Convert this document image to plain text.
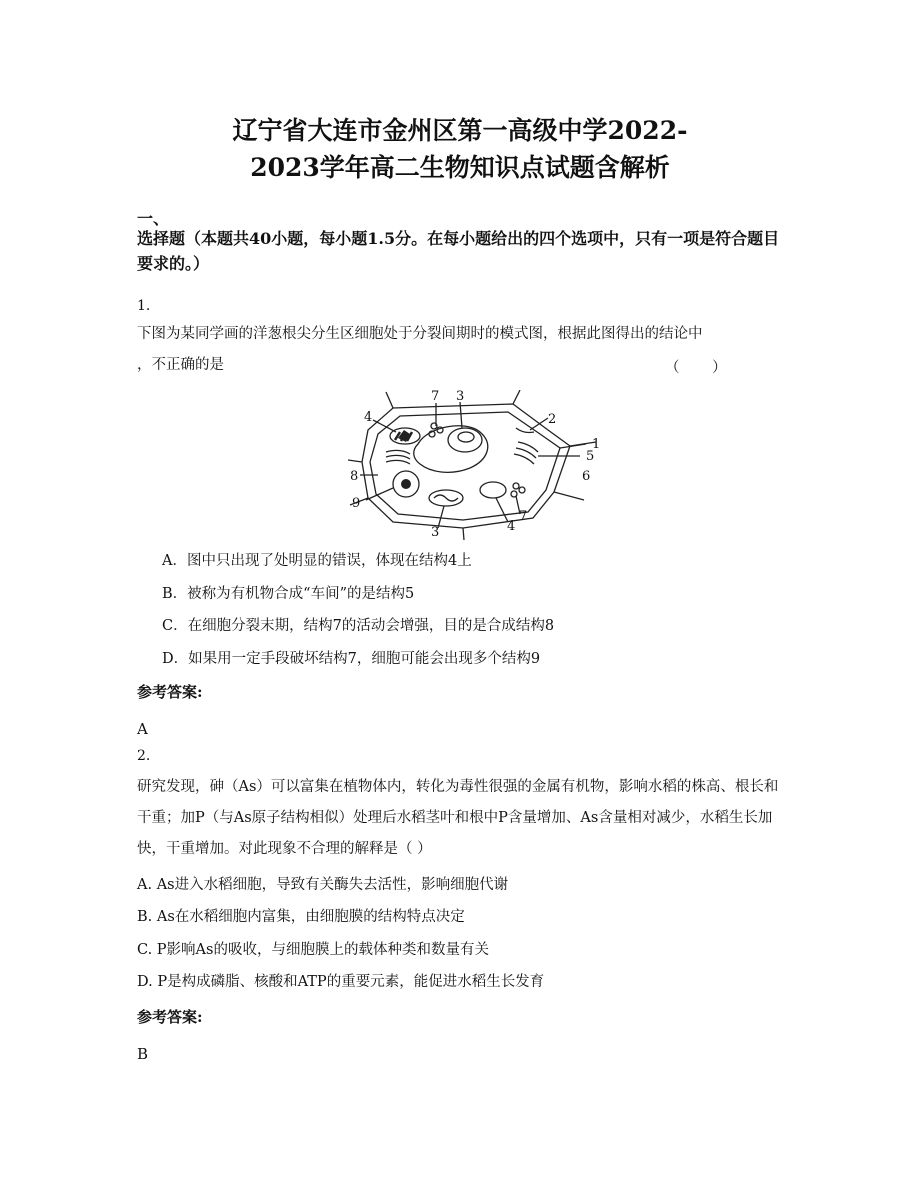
辽宁省大连市金州区第一高级中学2022-
2023学年高二生物知识点试题含解析
一、
选择题（本题共40小题，每小题1.5分。在每小题给出的四个选项中，只有一项是符合题目要求的。）
1.
下图为某同学画的洋葱根尖分生区细胞处于分裂间期时的模式图，根据此图得出的结论中
，不正确的是	（ ）
7 3
4	2
1
5
6
8
9
3	4
7
A．图中只出现了处明显的错误，体现在结构4上
B．被称为有机物合成“车间”的是结构5
C．在细胞分裂末期，结构7的活动会增强，目的是合成结构8
D．如果用一定手段破坏结构7，细胞可能会出现多个结构9
参考答案:
A
2.
研究发现，砷（As）可以富集在植物体内，转化为毒性很强的金属有机物，影响水稻的株高、根长和干重；加P（与As原子结构相似）处理后水稻茎叶和根中P含量增加、As含量相对减少，水稻生长加快，干重增加。对此现象不合理的解释是（ ）
A. As进入水稻细胞，导致有关酶失去活性，影响细胞代谢
B. As在水稻细胞内富集，由细胞膜的结构特点决定
C. P影响As的吸收，与细胞膜上的载体种类和数量有关
D. P是构成磷脂、核酸和ATP的重要元素，能促进水稻生长发育
参考答案:
B
